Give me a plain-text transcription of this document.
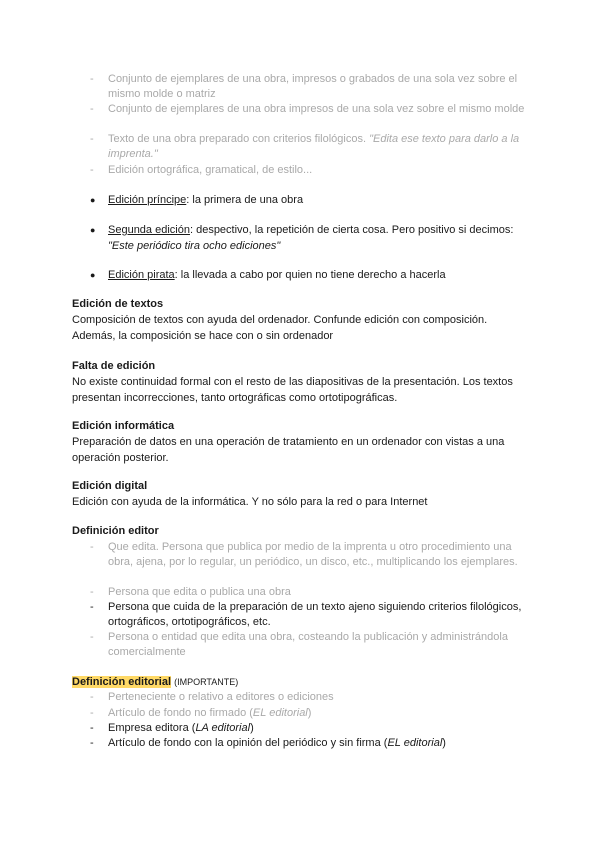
- Conjunto de ejemplares de una obra, impresos o grabados de una sola vez sobre el mismo molde o matriz
- Conjunto de ejemplares de una obra impresos de una sola vez sobre el mismo molde
- Texto de una obra preparado con criterios filológicos. "Edita ese texto para darlo a la imprenta."
- Edición ortográfica, gramatical, de estilo...
● Edición príncipe: la primera de una obra
● Segunda edición: despectivo, la repetición de cierta cosa. Pero positivo si decimos: "Este periódico tira ocho ediciones"
● Edición pirata: la llevada a cabo por quien no tiene derecho a hacerla
Edición de textos
Composición de textos con ayuda del ordenador. Confunde edición con composición. Además, la composición se hace con o sin ordenador
Falta de edición
No existe continuidad formal con el resto de las diapositivas de la presentación. Los textos presentan incorrecciones, tanto ortográficas como ortotipográficas.
Edición informática
Preparación de datos en una operación de tratamiento en un ordenador con vistas a una operación posterior.
Edición digital
Edición con ayuda de la informática. Y no sólo para la red o para Internet
Definición editor
- Que edita. Persona que publica por medio de la imprenta u otro procedimiento una obra, ajena, por lo regular, un periódico, un disco, etc., multiplicando los ejemplares.
- Persona que edita o publica una obra
- Persona que cuida de la preparación de un texto ajeno siguiendo criterios filológicos, ortográficos, ortotipográficos, etc.
- Persona o entidad que edita una obra, costeando la publicación y administrándola comercialmente
Definición editorial (IMPORTANTE)
- Perteneciente o relativo a editores o ediciones
- Artículo de fondo no firmado (EL editorial)
- Empresa editora (LA editorial)
- Artículo de fondo con la opinión del periódico y sin firma (EL editorial)
